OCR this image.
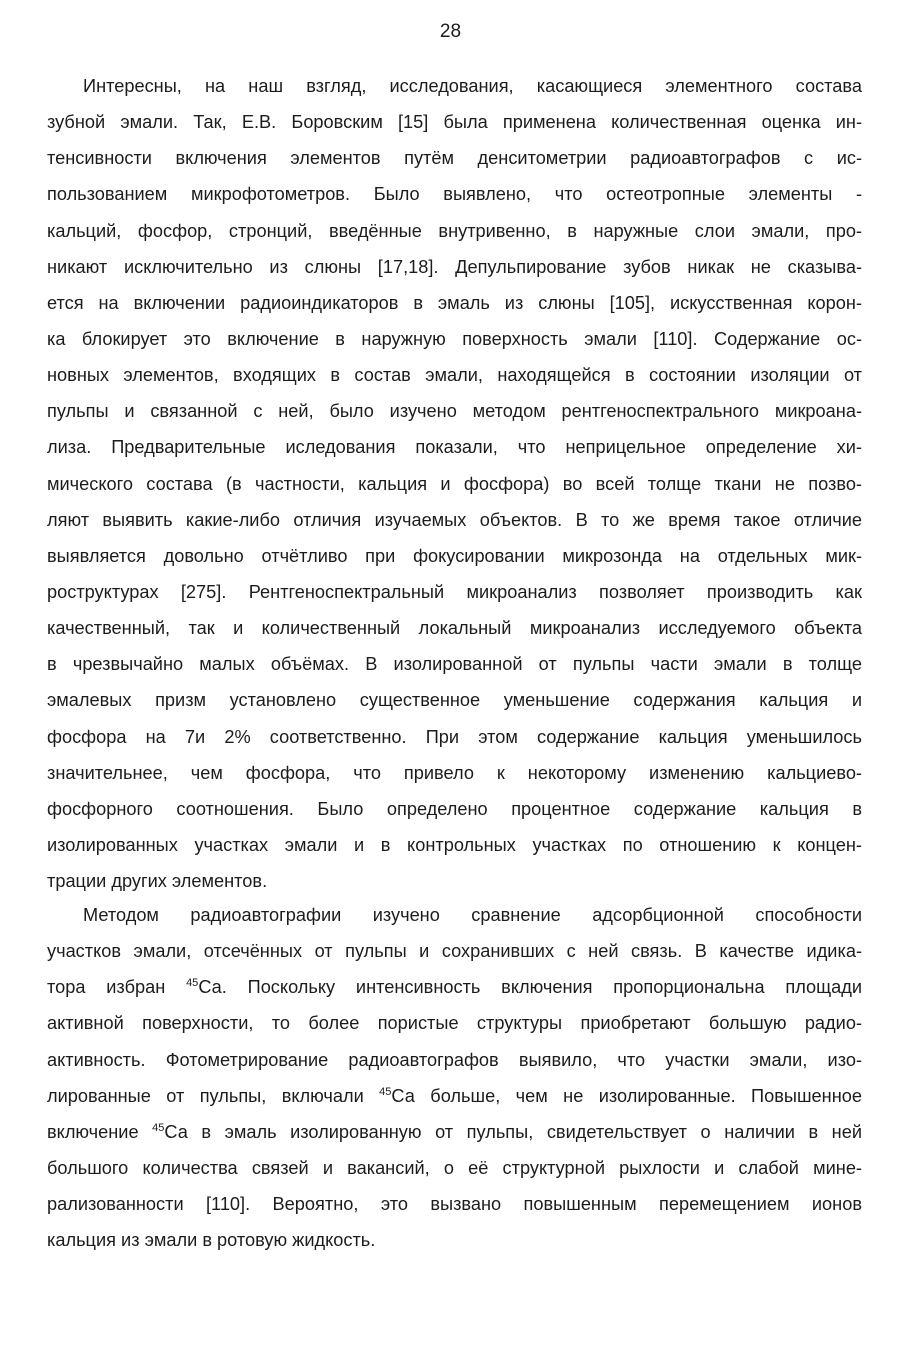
28
Интересны, на наш взгляд, исследования, касающиеся элементного состава
зубной эмали. Так, Е.В. Боровским [15] была применена количественная оценка ин-
тенсивности включения элементов путём денситометрии радиоавтографов с ис-
пользованием микрофотометров. Было выявлено, что остеотропные элементы -
кальций, фосфор, стронций, введённые внутривенно, в наружные слои эмали, про-
никают исключительно из слюны [17,18]. Депульпирование зубов никак не сказыва-
ется на включении радиоиндикаторов в эмаль из слюны [105], искусственная корон-
ка блокирует это включение в наружную поверхность эмали [110]. Содержание ос-
новных элементов, входящих в состав эмали, находящейся в состоянии изоляции от
пульпы и связанной с ней, было изучено методом рентгеноспектрального микроана-
лиза. Предварительные иследования показали, что неприцельное определение хи-
мического состава (в частности, кальция и фосфора) во всей толще ткани не позво-
ляют выявить какие-либо отличия изучаемых объектов. В то же время такое отличие
выявляется довольно отчётливо при фокусировании микрозонда на отдельных мик-
роструктурах [275]. Рентгеноспектральный микроанализ позволяет производить как
качественный, так и количественный локальный микроанализ исследуемого объекта
в чрезвычайно малых объёмах. В изолированной от пульпы части эмали в толще
эмалевых призм установлено существенное уменьшение содержания кальция и
фосфора на 7и 2% соответственно. При этом содержание кальция уменьшилось
значительнее, чем фосфора, что привело к некоторому изменению кальциево-
фосфорного соотношения. Было определено процентное содержание кальция в
изолированных участках эмали и в контрольных участках по отношению к концен-
трации других элементов.
Методом радиоавтографии изучено сравнение адсорбционной способности
участков эмали, отсечённых от пульпы и сохранивших с ней связь. В качестве идика-
тора избран $^{45}$Са. Поскольку интенсивность включения пропорциональна площади
активной поверхности, то более пористые структуры приобретают большую радио-
активность. Фотометрирование радиоавтографов выявило, что участки эмали, изо-
лированные от пульпы, включали $^{45}$Са больше, чем не изолированные. Повышенное
включение $^{45}$Са в эмаль изолированную от пульпы, свидетельствует о наличии в ней
большого количества связей и вакансий, о её структурной рыхлости и слабой мине-
рализованности [110]. Вероятно, это вызвано повышенным перемещением ионов
кальция из эмали в ротовую жидкость.
